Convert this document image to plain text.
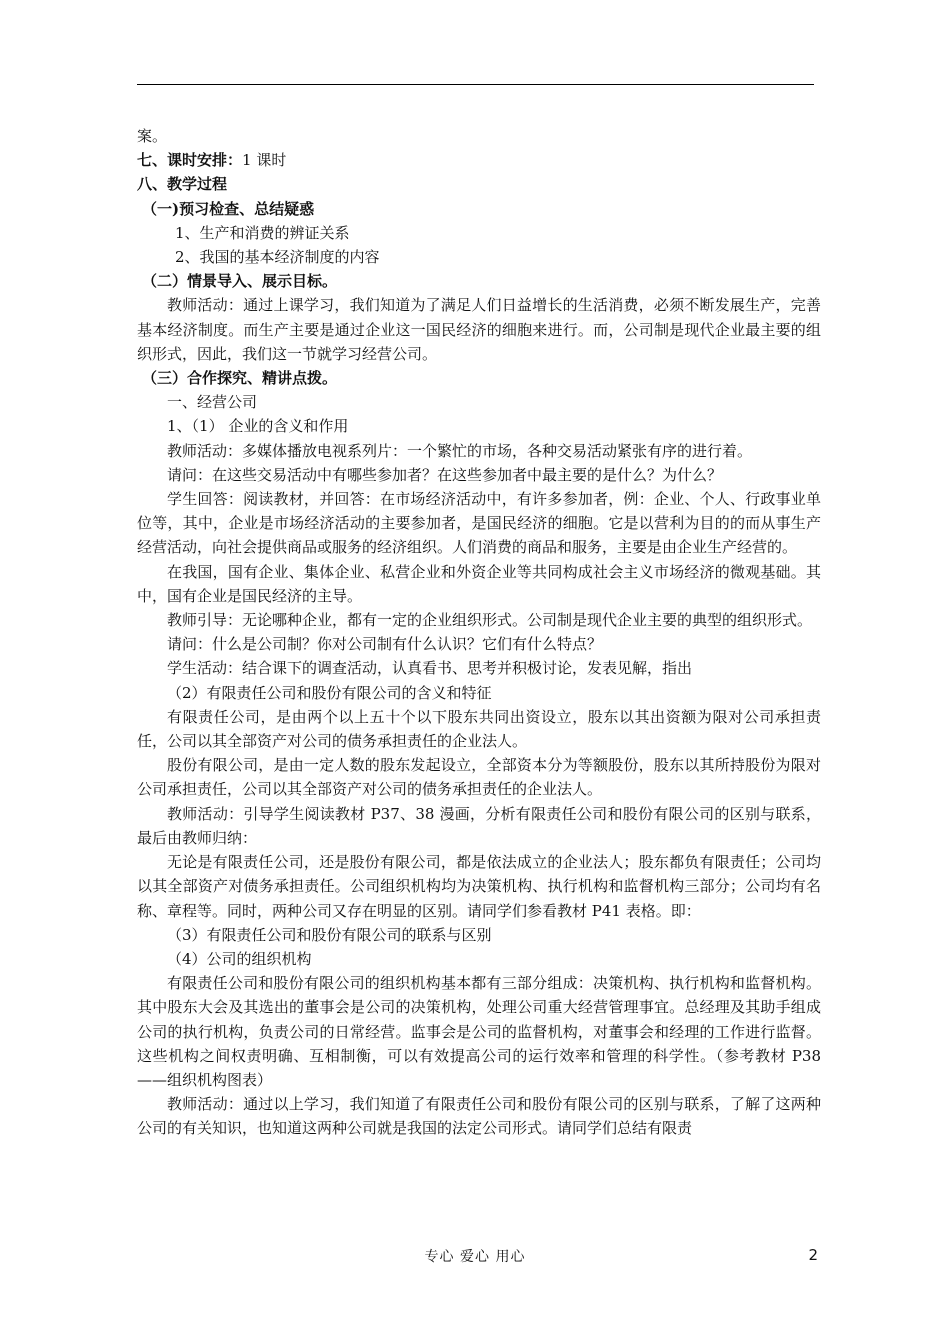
案。
七、课时安排：1 课时
八、教学过程
（一)预习检查、总结疑惑
1、生产和消费的辨证关系
2、我国的基本经济制度的内容
（二）情景导入、展示目标。
教师活动：通过上课学习，我们知道为了满足人们日益增长的生活消费，必须不断发展生产，完善基本经济制度。而生产主要是通过企业这一国民经济的细胞来进行。而，公司制是现代企业最主要的组织形式，因此，我们这一节就学习经营公司。
（三）合作探究、精讲点拨。
一、经营公司
1、（1） 企业的含义和作用
教师活动：多媒体播放电视系列片：一个繁忙的市场，各种交易活动紧张有序的进行着。
请问：在这些交易活动中有哪些参加者？在这些参加者中最主要的是什么？为什么？
学生回答：阅读教材，并回答：在市场经济活动中，有许多参加者，例：企业、个人、行政事业单位等，其中，企业是市场经济活动的主要参加者，是国民经济的细胞。它是以营利为目的的而从事生产经营活动，向社会提供商品或服务的经济组织。人们消费的商品和服务，主要是由企业生产经营的。
在我国，国有企业、集体企业、私营企业和外资企业等共同构成社会主义市场经济的微观基础。其中，国有企业是国民经济的主导。
教师引导：无论哪种企业，都有一定的企业组织形式。公司制是现代企业主要的典型的组织形式。
请问：什么是公司制？你对公司制有什么认识？它们有什么特点？
学生活动：结合课下的调查活动，认真看书、思考并积极讨论，发表见解，指出
（2）有限责任公司和股份有限公司的含义和特征
有限责任公司，是由两个以上五十个以下股东共同出资设立，股东以其出资额为限对公司承担责任，公司以其全部资产对公司的债务承担责任的企业法人。
股份有限公司，是由一定人数的股东发起设立，全部资本分为等额股份，股东以其所持股份为限对公司承担责任，公司以其全部资产对公司的债务承担责任的企业法人。
教师活动：引导学生阅读教材 P37、38 漫画，分析有限责任公司和股份有限公司的区别与联系，最后由教师归纳：
无论是有限责任公司，还是股份有限公司，都是依法成立的企业法人；股东都负有限责任；公司均以其全部资产对债务承担责任。公司组织机构均为决策机构、执行机构和监督机构三部分；公司均有名称、章程等。同时，两种公司又存在明显的区别。请同学们参看教材 P41 表格。即：
（3）有限责任公司和股份有限公司的联系与区别
（4）公司的组织机构
有限责任公司和股份有限公司的组织机构基本都有三部分组成：决策机构、执行机构和监督机构。其中股东大会及其选出的董事会是公司的决策机构，处理公司重大经营管理事宜。总经理及其助手组成公司的执行机构，负责公司的日常经营。监事会是公司的监督机构，对董事会和经理的工作进行监督。这些机构之间权责明确、互相制衡，可以有效提高公司的运行效率和管理的科学性。（参考教材 P38——组织机构图表）
教师活动：通过以上学习，我们知道了有限责任公司和股份有限公司的区别与联系，了解了这两种公司的有关知识，也知道这两种公司就是我国的法定公司形式。请同学们总结有限责
专心 爱心 用心	2
